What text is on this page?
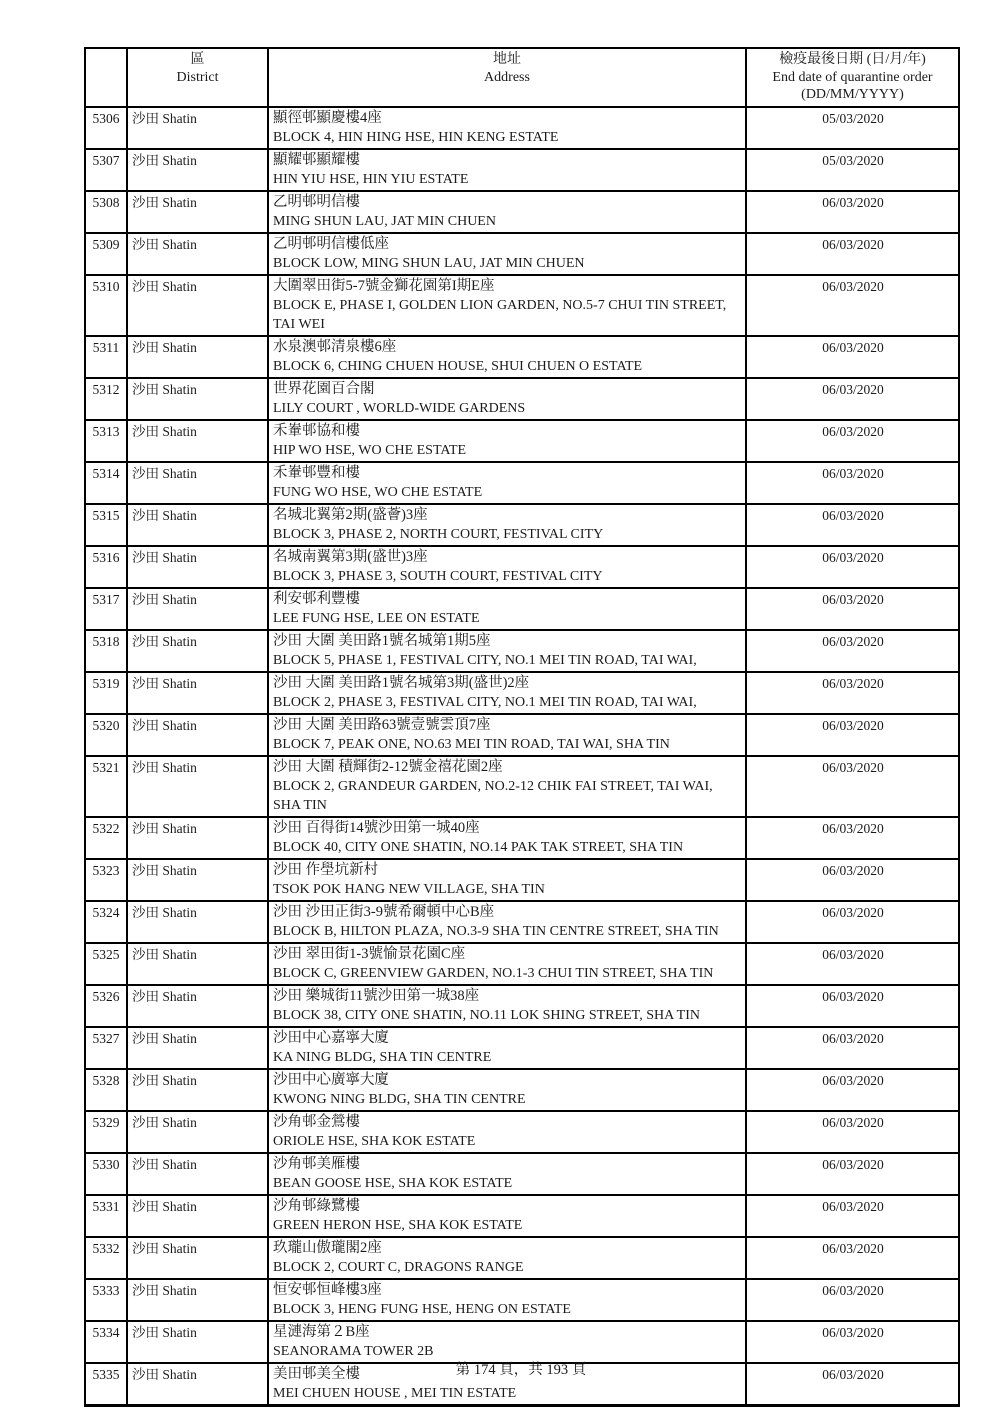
區
District

地址
Address

檢疫最後日期 (日/月/年)
End date of quarantine order
(DD/MM/YYYY)

5306	沙田 Shatin	顯徑邨顯慶樓4座
BLOCK 4, HIN HING HSE, HIN KENG ESTATE	05/03/2020
5307	沙田 Shatin	顯耀邨顯耀樓
HIN YIU HSE, HIN YIU ESTATE	05/03/2020
5308	沙田 Shatin	乙明邨明信樓
MING SHUN LAU, JAT MIN CHUEN	06/03/2020
5309	沙田 Shatin	乙明邨明信樓低座
BLOCK LOW, MING SHUN LAU, JAT MIN CHUEN	06/03/2020
5310	沙田 Shatin	大圍翠田街5-7號金獅花園第I期E座
BLOCK E, PHASE I, GOLDEN LION GARDEN, NO.5-7 CHUI TIN STREET, TAI WEI	06/03/2020
5311	沙田 Shatin	水泉澳邨清泉樓6座
BLOCK 6, CHING CHUEN HOUSE, SHUI CHUEN O ESTATE	06/03/2020
5312	沙田 Shatin	世界花園百合閣
LILY COURT , WORLD-WIDE GARDENS	06/03/2020
5313	沙田 Shatin	禾輋邨協和樓
HIP WO HSE, WO CHE ESTATE	06/03/2020
5314	沙田 Shatin	禾輋邨豐和樓
FUNG WO HSE, WO CHE ESTATE	06/03/2020
5315	沙田 Shatin	名城北翼第2期(盛薈)3座
BLOCK 3, PHASE 2, NORTH COURT, FESTIVAL CITY	06/03/2020
5316	沙田 Shatin	名城南翼第3期(盛世)3座
BLOCK 3, PHASE 3, SOUTH COURT, FESTIVAL CITY	06/03/2020
5317	沙田 Shatin	利安邨利豐樓
LEE FUNG HSE, LEE ON ESTATE	06/03/2020
5318	沙田 Shatin	沙田 大圍 美田路1號名城第1期5座
BLOCK 5, PHASE 1, FESTIVAL CITY, NO.1 MEI TIN ROAD, TAI WAI,	06/03/2020
5319	沙田 Shatin	沙田 大圍 美田路1號名城第3期(盛世)2座
BLOCK 2, PHASE 3, FESTIVAL CITY, NO.1 MEI TIN ROAD, TAI WAI,	06/03/2020
5320	沙田 Shatin	沙田 大圍 美田路63號壹號雲頂7座
BLOCK 7, PEAK ONE, NO.63 MEI TIN ROAD, TAI WAI, SHA TIN	06/03/2020
5321	沙田 Shatin	沙田 大圍 積輝街2-12號金禧花園2座
BLOCK 2, GRANDEUR GARDEN, NO.2-12 CHIK FAI STREET, TAI WAI, SHA TIN	06/03/2020
5322	沙田 Shatin	沙田 百得街14號沙田第一城40座
BLOCK 40, CITY ONE SHATIN, NO.14 PAK TAK STREET, SHA TIN	06/03/2020
5323	沙田 Shatin	沙田 作壆坑新村
TSOK POK HANG NEW VILLAGE, SHA TIN	06/03/2020
5324	沙田 Shatin	沙田 沙田正街3-9號希爾頓中心B座
BLOCK B, HILTON PLAZA, NO.3-9 SHA TIN CENTRE STREET, SHA TIN	06/03/2020
5325	沙田 Shatin	沙田 翠田街1-3號愉景花園C座
BLOCK C, GREENVIEW GARDEN, NO.1-3 CHUI TIN STREET, SHA TIN	06/03/2020
5326	沙田 Shatin	沙田 樂城街11號沙田第一城38座
BLOCK 38, CITY ONE SHATIN, NO.11 LOK SHING STREET, SHA TIN	06/03/2020
5327	沙田 Shatin	沙田中心嘉寧大廈
KA NING BLDG, SHA TIN CENTRE	06/03/2020
5328	沙田 Shatin	沙田中心廣寧大廈
KWONG NING BLDG, SHA TIN CENTRE	06/03/2020
5329	沙田 Shatin	沙角邨金鶯樓
ORIOLE HSE, SHA KOK ESTATE	06/03/2020
5330	沙田 Shatin	沙角邨美雁樓
BEAN GOOSE HSE, SHA KOK ESTATE	06/03/2020
5331	沙田 Shatin	沙角邨綠鷺樓
GREEN HERON HSE, SHA KOK ESTATE	06/03/2020
5332	沙田 Shatin	玖瓏山傲瓏閣2座
BLOCK 2, COURT C, DRAGONS RANGE	06/03/2020
5333	沙田 Shatin	恒安邨恒峰樓3座
BLOCK 3, HENG FUNG HSE, HENG ON ESTATE	06/03/2020
5334	沙田 Shatin	星漣海第２B座
SEANORAMA TOWER 2B	06/03/2020
5335	沙田 Shatin	美田邨美全樓
MEI CHUEN HOUSE , MEI TIN ESTATE	06/03/2020
第 174 頁，共 193 頁
